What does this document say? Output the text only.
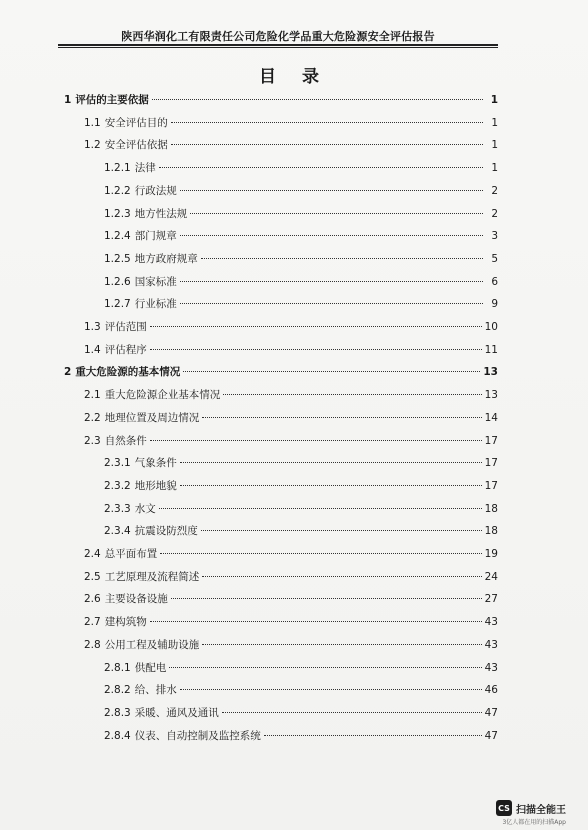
陕西华润化工有限责任公司危险化学品重大危险源安全评估报告
目 录
1 评估的主要依据	1
1.1 安全评估目的	1
1.2 安全评估依据	1
1.2.1 法律	1
1.2.2 行政法规	2
1.2.3 地方性法规	2
1.2.4 部门规章	3
1.2.5 地方政府规章	5
1.2.6 国家标准	6
1.2.7 行业标准	9
1.3 评估范围	10
1.4 评估程序	11
2 重大危险源的基本情况	13
2.1 重大危险源企业基本情况	13
2.2 地理位置及周边情况	14
2.3 自然条件	17
2.3.1 气象条件	17
2.3.2 地形地貌	17
2.3.3 水文	18
2.3.4 抗震设防烈度	18
2.4 总平面布置	19
2.5 工艺原理及流程简述	24
2.6 主要设备设施	27
2.7 建构筑物	43
2.8 公用工程及辅助设施	43
2.8.1 供配电	43
2.8.2 给、排水	46
2.8.3 采暖、通风及通讯	47
2.8.4 仪表、自动控制及监控系统	47
CS 扫描全能王
3亿人都在用的扫描App
